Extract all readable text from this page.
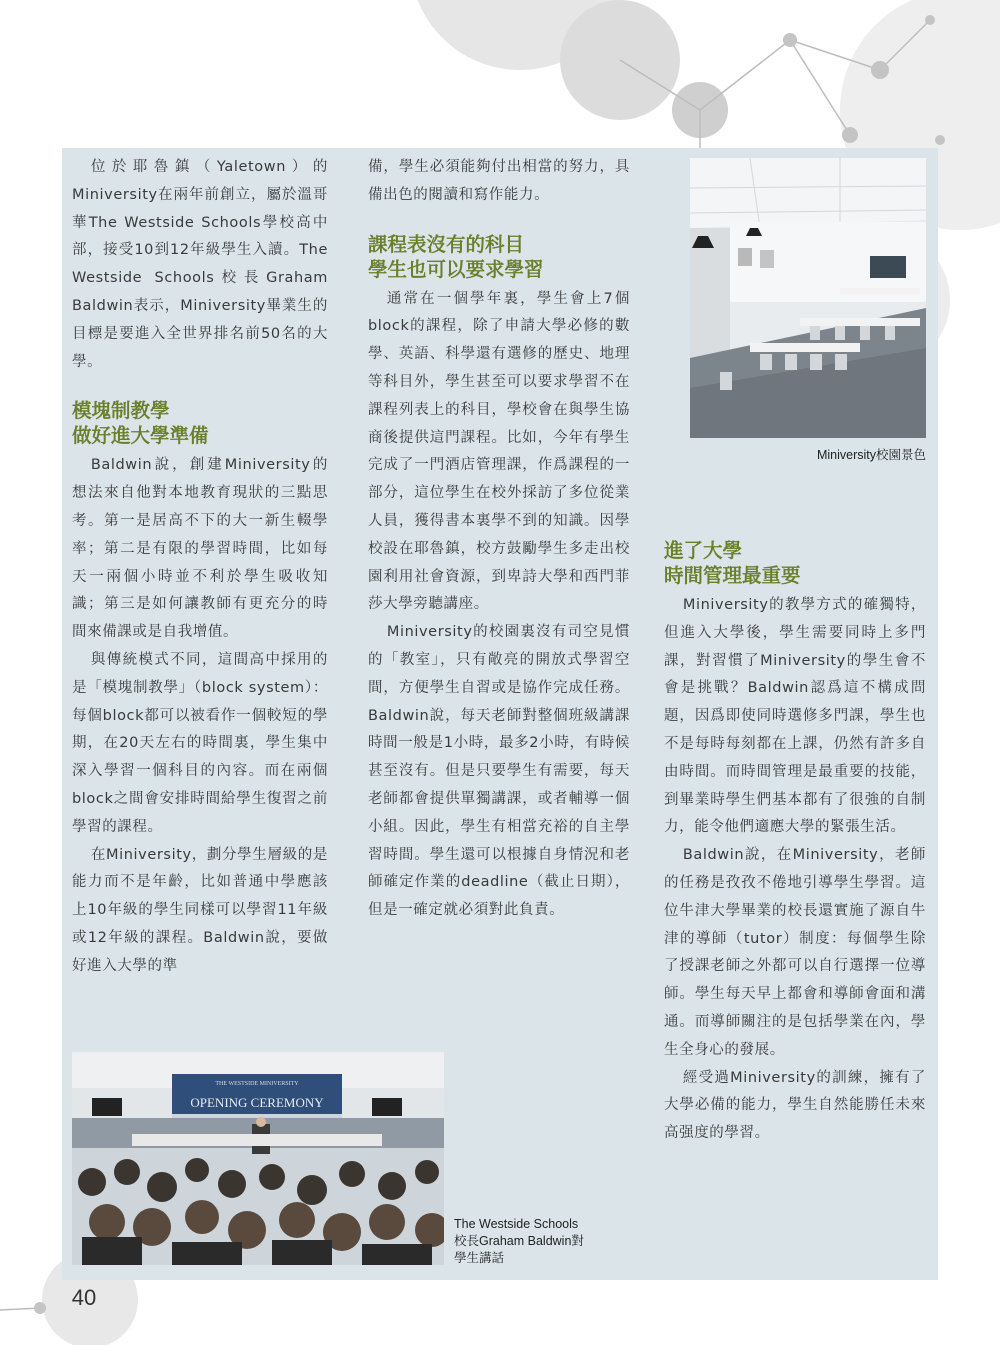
位於耶魯鎮（Yaletown）的Miniversity在兩年前創立，屬於溫哥華The Westside Schools學校高中部，接受10到12年級學生入讀。The Westside Schools校長Graham Baldwin表示，Miniversity畢業生的目標是要進入全世界排名前50名的大學。

模塊制教學
做好進大學準備

Baldwin說，創建Miniversity的想法來自他對本地教育現狀的三點思考。第一是居高不下的大一新生輟學率；第二是有限的學習時間，比如每天一兩個小時並不利於學生吸收知識；第三是如何讓教師有更充分的時間來備課或是自我增值。

與傳統模式不同，這間高中採用的是「模塊制教學」（block system）：每個block都可以被看作一個較短的學期，在20天左右的時間裏，學生集中深入學習一個科目的內容。而在兩個block之間會安排時間給學生復習之前學習的課程。

在Miniversity，劃分學生層級的是能力而不是年齡，比如普通中學應該上10年級的學生同樣可以學習11年級或12年級的課程。Baldwin說，要做好進入大學的準

備，學生必須能夠付出相當的努力，具備出色的閱讀和寫作能力。

課程表沒有的科目
學生也可以要求學習

通常在一個學年裏，學生會上7個block的課程，除了申請大學必修的數學、英語、科學還有選修的歷史、地理等科目外，學生甚至可以要求學習不在課程列表上的科目，學校會在與學生協商後提供這門課程。比如，今年有學生完成了一門酒店管理課，作爲課程的一部分，這位學生在校外採訪了多位從業人員，獲得書本裏學不到的知識。因學校設在耶魯鎮，校方鼓勵學生多走出校園利用社會資源，到卑詩大學和西門菲莎大學旁聽講座。

Miniversity的校園裏沒有司空見慣的「教室」，只有敞亮的開放式學習空間，方便學生自習或是協作完成任務。Baldwin說，每天老師對整個班級講課時間一般是1小時，最多2小時，有時候甚至沒有。但是只要學生有需要，每天老師都會提供單獨講課，或者輔導一個小組。因此，學生有相當充裕的自主學習時間。學生還可以根據自身情況和老師確定作業的deadline（截止日期），但是一確定就必須對此負責。

進了大學
時間管理最重要

Miniversity的教學方式的確獨特，但進入大學後，學生需要同時上多門課，對習慣了Miniversity的學生會不會是挑戰？Baldwin認爲這不構成問題，因爲即使同時選修多門課，學生也不是每時每刻都在上課，仍然有許多自由時間。而時間管理是最重要的技能，到畢業時學生們基本都有了很強的自制力，能令他們適應大學的緊張生活。

Baldwin說，在Miniversity，老師的任務是孜孜不倦地引導學生學習。這位牛津大學畢業的校長還實施了源自牛津的導師（tutor）制度：每個學生除了授課老師之外都可以自行選擇一位導師。學生每天早上都會和導師會面和溝通。而導師關注的是包括學業在內，學生全身心的發展。

經受過Miniversity的訓練，擁有了大學必備的能力，學生自然能勝任未來高强度的學習。

Miniversity校園景色
THE WESTSIDE MINIVERSITY
OPENING CEREMONY
The Westside Schools
校長Graham Baldwin對
學生講話
40
